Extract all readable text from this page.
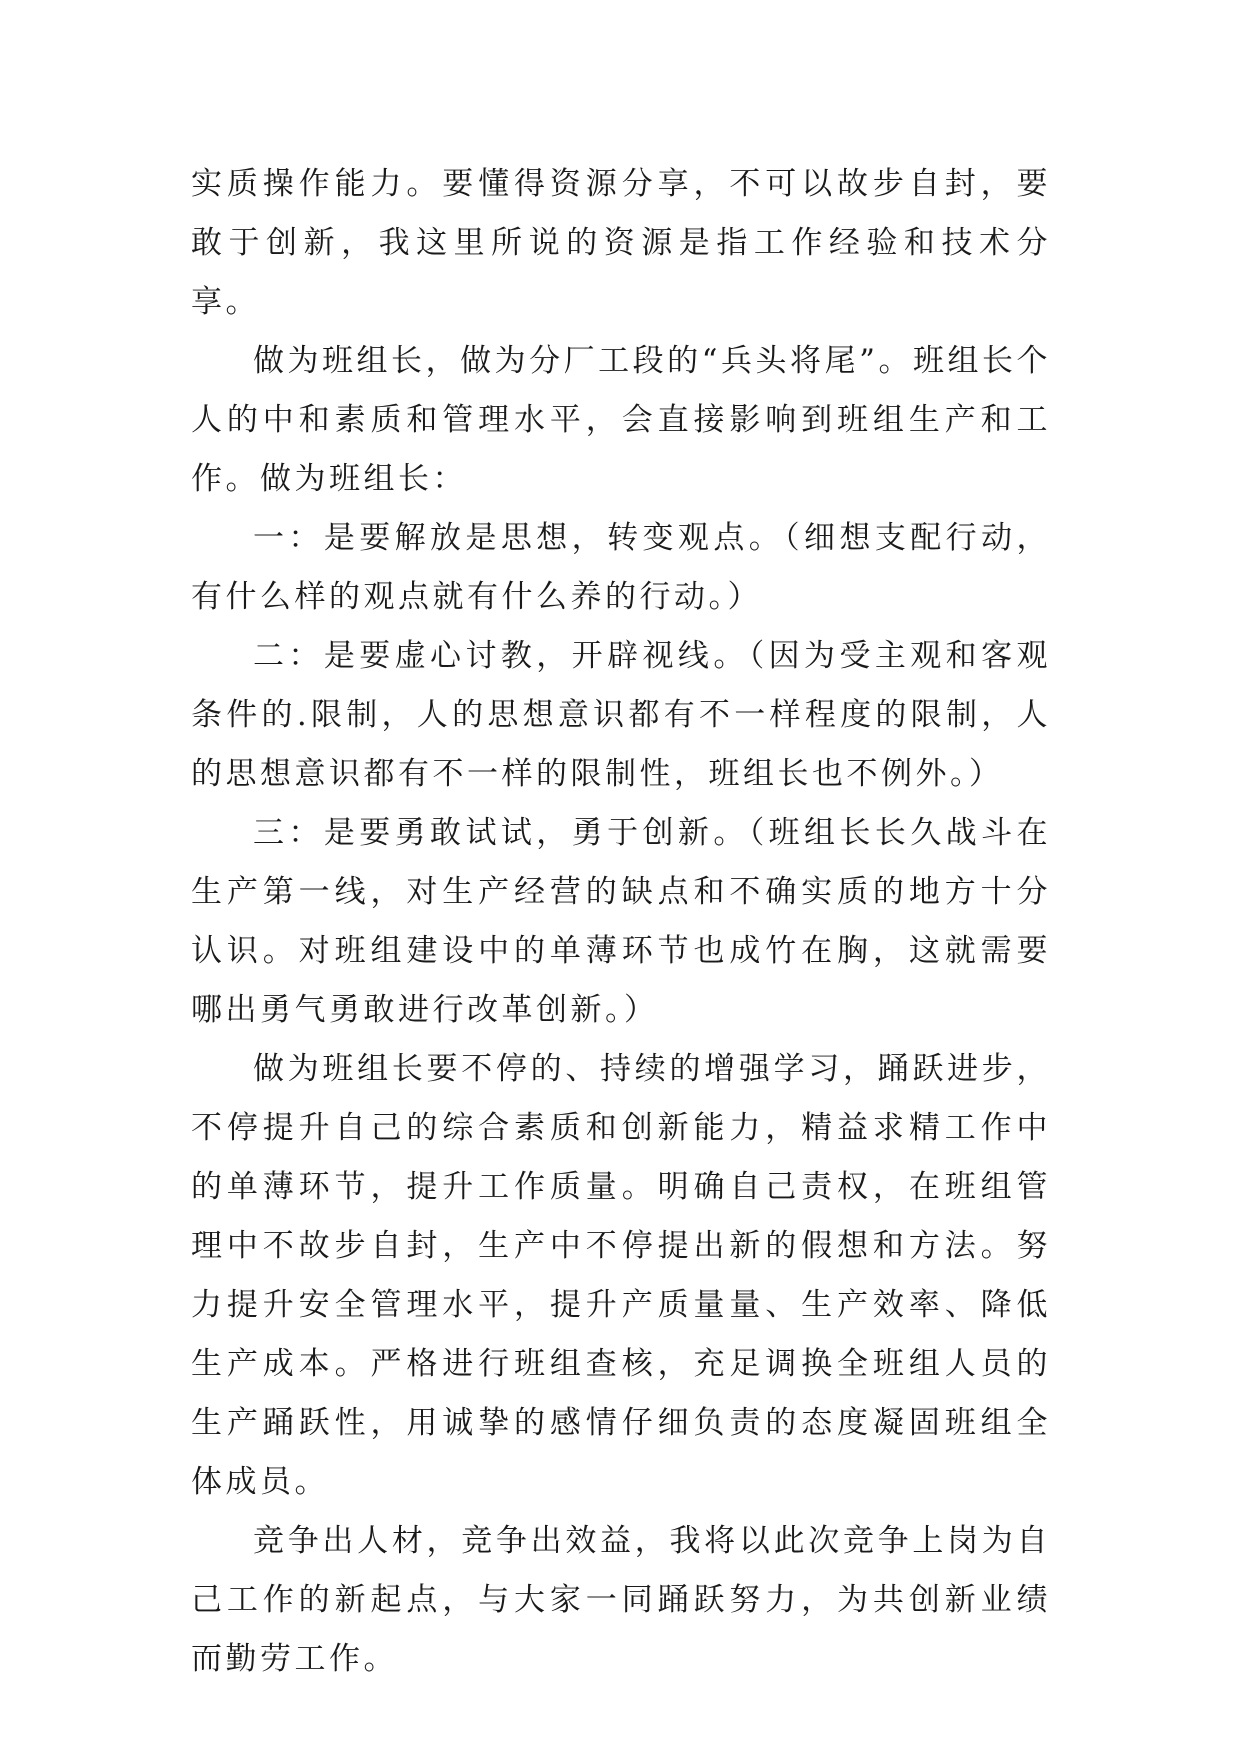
实质操作能力。要懂得资源分享，不可以故步自封，要敢于创新，我这里所说的资源是指工作经验和技术分享。

做为班组长，做为分厂工段的“兵头将尾”。班组长个人的中和素质和管理水平，会直接影响到班组生产和工作。做为班组长：

一：是要解放是思想，转变观点。（细想支配行动，有什么样的观点就有什么养的行动。）

二：是要虚心讨教，开辟视线。（因为受主观和客观条件的.限制，人的思想意识都有不一样程度的限制，人的思想意识都有不一样的限制性，班组长也不例外。）

三：是要勇敢试试，勇于创新。（班组长长久战斗在生产第一线，对生产经营的缺点和不确实质的地方十分认识。对班组建设中的单薄环节也成竹在胸，这就需要哪出勇气勇敢进行改革创新。）

做为班组长要不停的、持续的增强学习，踊跃进步，不停提升自己的综合素质和创新能力，精益求精工作中的单薄环节，提升工作质量。明确自己责权，在班组管理中不故步自封，生产中不停提出新的假想和方法。努力提升安全管理水平，提升产质量量、生产效率、降低生产成本。严格进行班组查核，充足调换全班组人员的生产踊跃性，用诚挚的感情仔细负责的态度凝固班组全体成员。

竞争出人材，竞争出效益，我将以此次竞争上岗为自己工作的新起点，与大家一同踊跃努力，为共创新业绩而勤劳工作。
